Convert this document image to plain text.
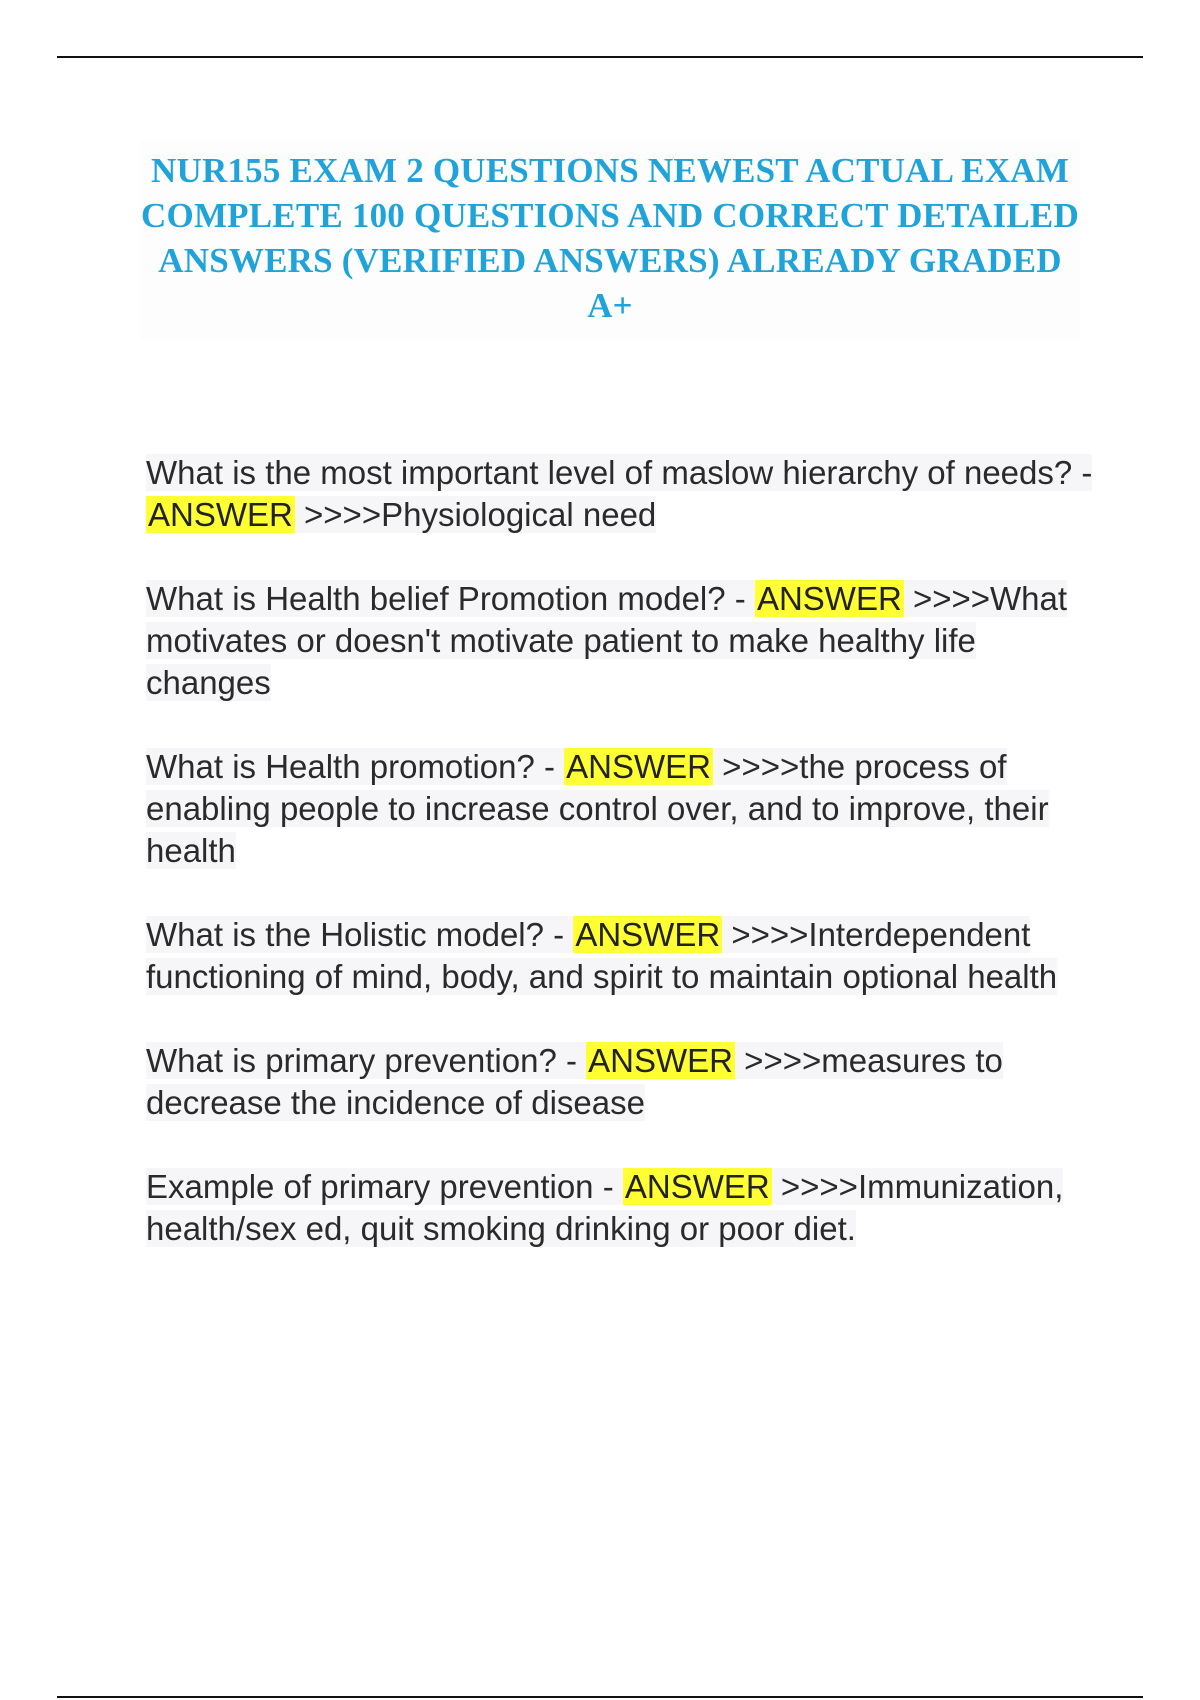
NUR155 EXAM 2 QUESTIONS NEWEST ACTUAL EXAM COMPLETE 100 QUESTIONS AND CORRECT DETAILED ANSWERS (VERIFIED ANSWERS) ALREADY GRADED A+

What is the most important level of maslow hierarchy of needs? - ANSWER >>>>Physiological need

What is Health belief Promotion model? - ANSWER >>>>What motivates or doesn't motivate patient to make healthy life changes

What is Health promotion? - ANSWER >>>>the process of enabling people to increase control over, and to improve, their health

What is the Holistic model? - ANSWER >>>>Interdependent functioning of mind, body, and spirit to maintain optional health

What is primary prevention? - ANSWER >>>>measures to decrease the incidence of disease

Example of primary prevention - ANSWER >>>>Immunization, health/sex ed, quit smoking drinking or poor diet.
